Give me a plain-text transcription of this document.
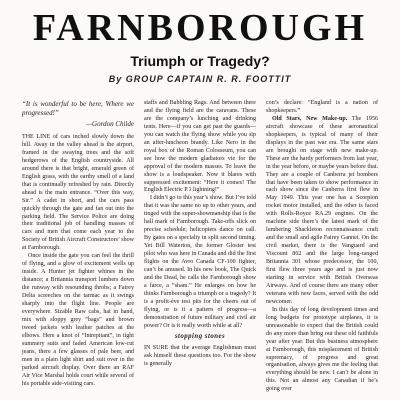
FARNBOROUGH
Triumph or Tragedy?
By GROUP CAPTAIN R. R. FOOTTIT
“It is wonderful to be here, Where we progressed!”
—Gordon Childe

THE LINE of cars inched slowly down the hill. Away in the valley ahead is the airport, framed in the swaying trees and the soft hedgerows of the English countryside. All around there is that bright, emerald green of English grass, with the earthy smell of a land that is continually refreshed by rain. Directly ahead is the main entrance. “Over this way, Sir.” A cadet in short, and the cars pass quickly through the gate and fan out into the parking field. The Service Police are doing their traditional job of handling masses of cars and men that come each year to the Society of British Aircraft Constructors’ show at Farnborough.

Once inside the gate you can feel the thrill of flying, and a glow of excitement wells up inside. A Hunter jet fighter whines in the distance; a Britannia transport lumbers down the runway with resounding throbs; a Fairey Delta screeches on the tarmac as it swings sharply into the flight line. People are everywhere. Sizable Raw cabs, hat in hand, mix with sloppy grey “bags” and brown tweed jackets with leather patches at the elbows. Here a knot of “Intrepitant”, in tight summery suits and faded American low-cut jeans, there a few glasses of pale beer, and men in a plain light shirt and suit over in the parked aircraft display. Over there an RAF Air Vice Marshal holds court while several of his portable aide-visiting cars.

staffs and Babbling Rags. And between there and the flying field are the caravans. These are the company’s lunching and drinking tents. Here—if you can get past the guards—you can watch the flying show while you sip an after-luncheon brandy. Like Nero in the royal box of the Roman Colosseum, you can see how the modern gladiators vie for the approval of the modern masses. To leave the show is a loudspeaker. Now it blares with suppressed excitement: “Here it comes! The English Electric P.1 lightning!”

I didn’t go to this year’s show. But I’ve told that it was the same no up to other years, and tinged with the super-showmanship that is the hall mark of Farnborough. Take-offs slick on precise schedule; helicopters dance on call. By gates on a specialty in split second timing. Yet Bill Waterton, the former Gloster test pilot who was here in Canada and did the first flights on the Avro Canada CF-100 fighter, can’t be amused. In his new book, The Quick and the Dead, he calls the Farnborough show a farce, a “sham.” He enlarges on how he thinks Farnborough a triumph or a tragedy? It is a profit-ève test pits for the cheers out of flying, or is it a pattern of progress—a demonstration of future military and civil air power? Or is it really worth while at all?

stopping stones

IN SURE that the average Englishman must ask himself these questions too. For the show is generally

con’s declare: “England is a nation of shopkeepers.”

Old Stars, New Make-up. The 1956 aircraft showcase of these aeronautical shopkeepers, is typical of many of their displays in the past war era. The same stars are brought on stage with new make-up. These are the hardy performers from last year, in the year before, or maybe years before that. They are a couple of Canberra jet bombers that have been taken to show performance in each show since the Canberra first flew in May 1949. This year one has a Scorpion rocket motor installed, and the other is faced with Rolls-Royce RA.29 engines. On the machine side there’s the latest mark of the lumbering Shackleton reconnaissance craft and the small and agile Fairey Gannet. On the civil market, there is the Vanguard and Viscount 802 and the large long-ranged Britannia 301 whose predecessor, the 100, first flew three years ago and is just now starting in service with British Overseas Airways. And of course there are many other veterans with new faces, served with the odd newcomer.

In this day of long development times and long budgets for prototype airplanes, it is unreasonable to expect that the British could do any more than bring out these old faithfuls year after year. But this business atmosphere at Farnborough, this misplacement of British supremacy, of progress and great organisation, always gives me the feeling that everything should be new. I can’t be alone in this. Not an almost any Canadian if he’s going over
